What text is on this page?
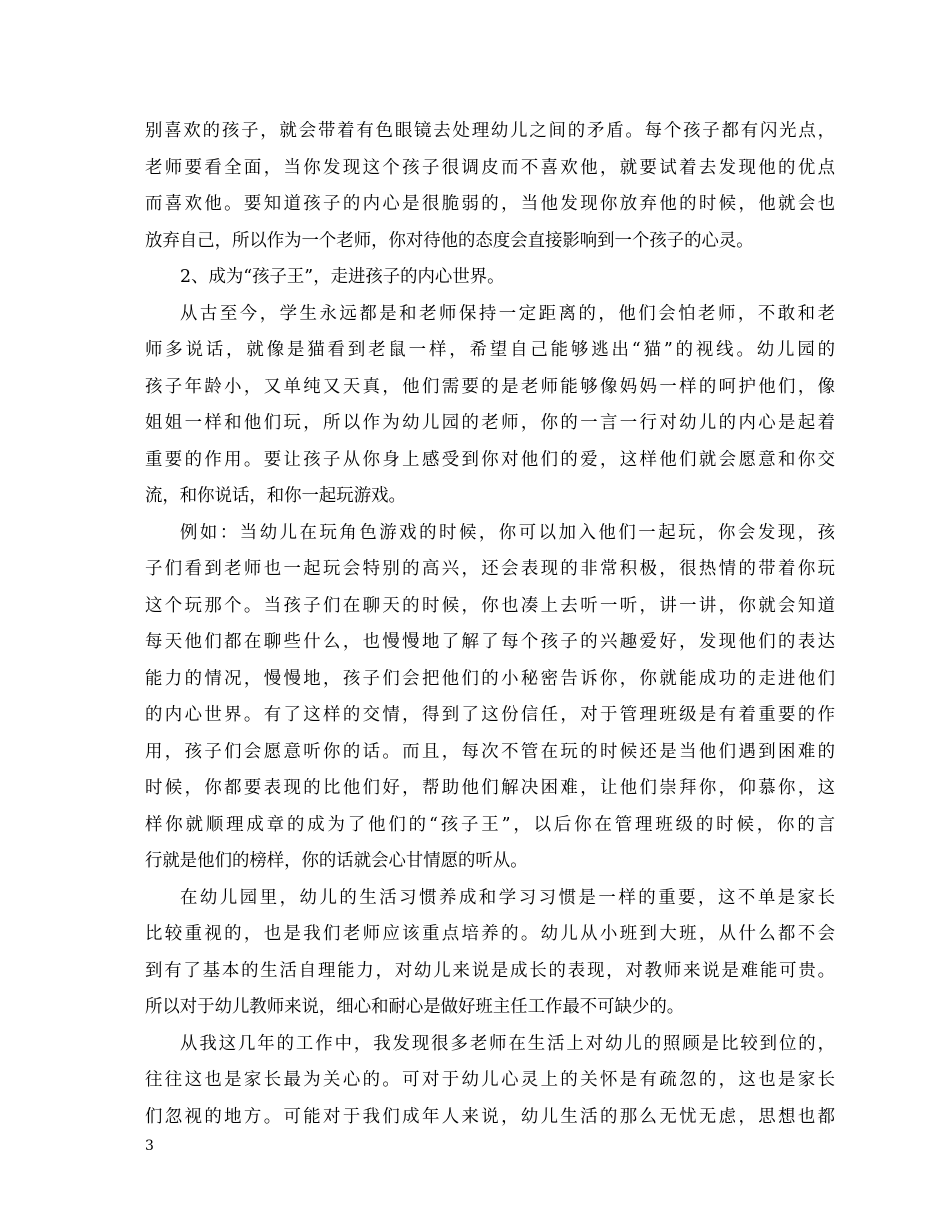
别喜欢的孩子，就会带着有色眼镜去处理幼儿之间的矛盾。每个孩子都有闪光点，
老师要看全面，当你发现这个孩子很调皮而不喜欢他，就要试着去发现他的优点
而喜欢他。要知道孩子的内心是很脆弱的，当他发现你放弃他的时候，他就会也
放弃自己，所以作为一个老师，你对待他的态度会直接影响到一个孩子的心灵。
2、成为“孩子王”，走进孩子的内心世界。
从古至今，学生永远都是和老师保持一定距离的，他们会怕老师，不敢和老
师多说话，就像是猫看到老鼠一样，希望自己能够逃出“猫”的视线。幼儿园的
孩子年龄小，又单纯又天真，他们需要的是老师能够像妈妈一样的呵护他们，像
姐姐一样和他们玩，所以作为幼儿园的老师，你的一言一行对幼儿的内心是起着
重要的作用。要让孩子从你身上感受到你对他们的爱，这样他们就会愿意和你交
流，和你说话，和你一起玩游戏。
例如：当幼儿在玩角色游戏的时候，你可以加入他们一起玩，你会发现，孩
子们看到老师也一起玩会特别的高兴，还会表现的非常积极，很热情的带着你玩
这个玩那个。当孩子们在聊天的时候，你也凑上去听一听，讲一讲，你就会知道
每天他们都在聊些什么，也慢慢地了解了每个孩子的兴趣爱好，发现他们的表达
能力的情况，慢慢地，孩子们会把他们的小秘密告诉你，你就能成功的走进他们
的内心世界。有了这样的交情，得到了这份信任，对于管理班级是有着重要的作
用，孩子们会愿意听你的话。而且，每次不管在玩的时候还是当他们遇到困难的
时候，你都要表现的比他们好，帮助他们解决困难，让他们崇拜你，仰慕你，这
样你就顺理成章的成为了他们的“孩子王”，以后你在管理班级的时候，你的言
行就是他们的榜样，你的话就会心甘情愿的听从。
在幼儿园里，幼儿的生活习惯养成和学习习惯是一样的重要，这不单是家长
比较重视的，也是我们老师应该重点培养的。幼儿从小班到大班，从什么都不会
到有了基本的生活自理能力，对幼儿来说是成长的表现，对教师来说是难能可贵。
所以对于幼儿教师来说，细心和耐心是做好班主任工作最不可缺少的。
从我这几年的工作中，我发现很多老师在生活上对幼儿的照顾是比较到位的，
往往这也是家长最为关心的。可对于幼儿心灵上的关怀是有疏忽的，这也是家长
们忽视的地方。可能对于我们成年人来说，幼儿生活的那么无忧无虑，思想也都
3
